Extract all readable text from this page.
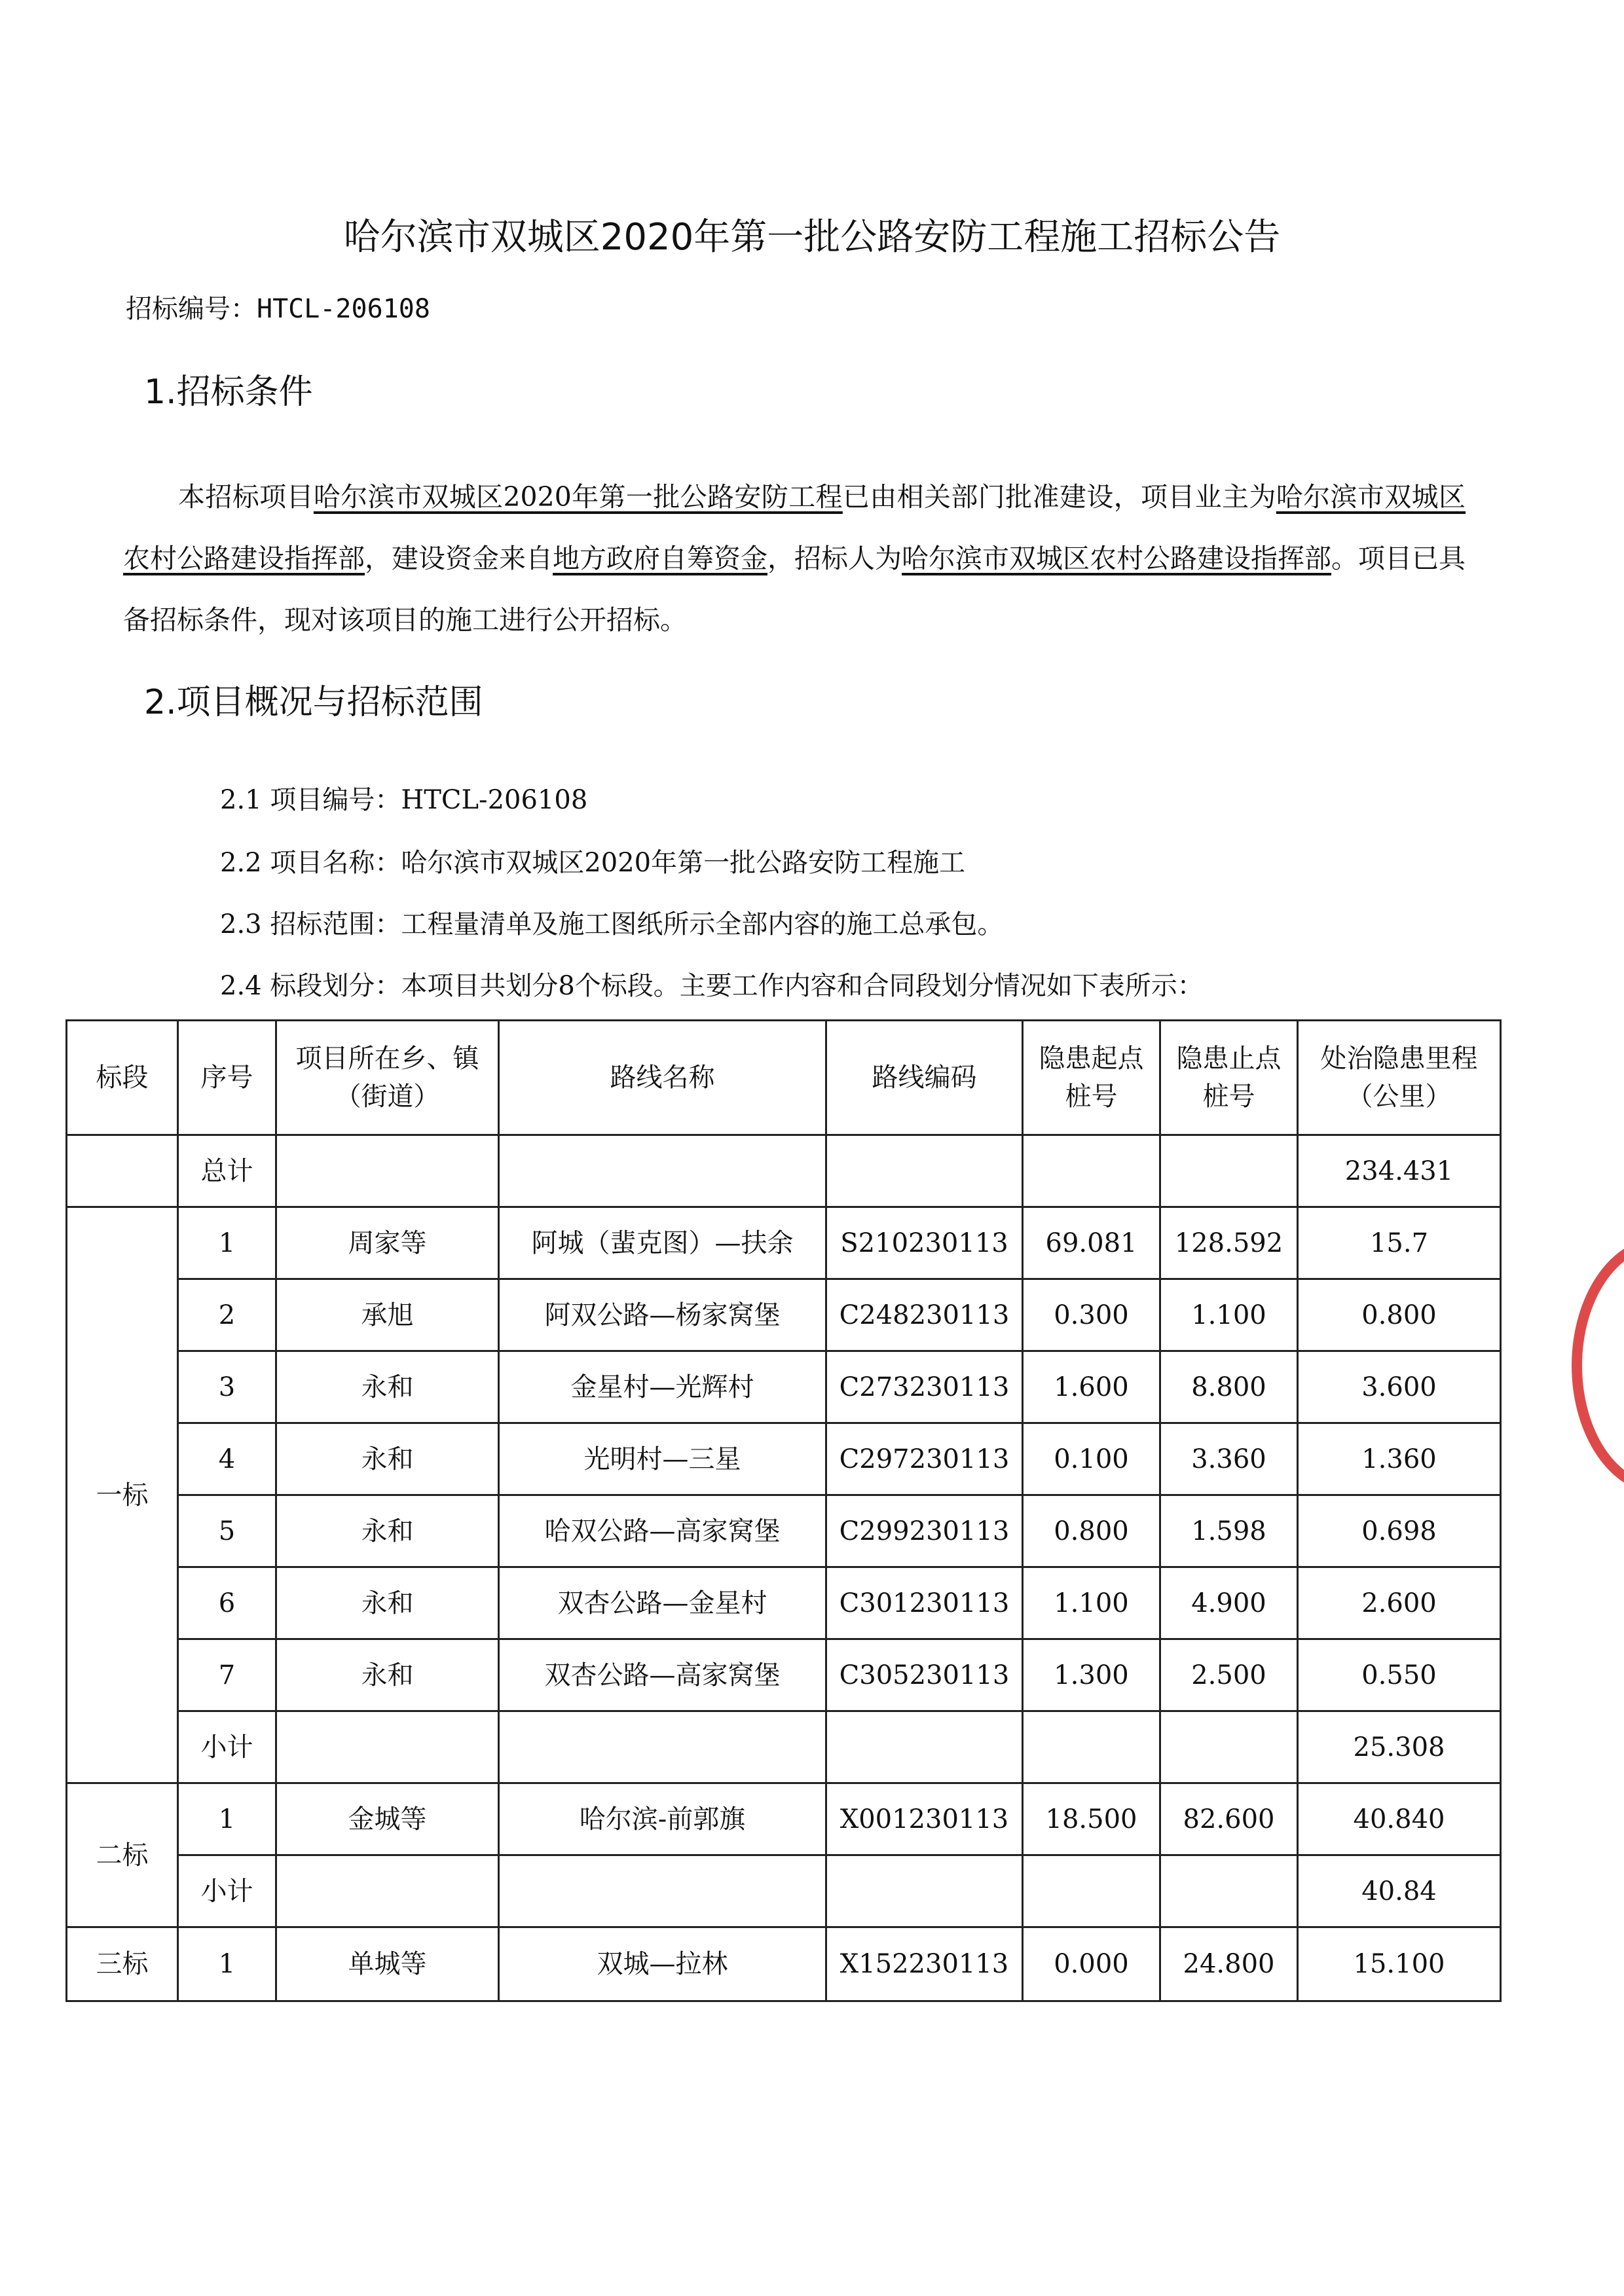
哈尔滨市双城区2020年第一批公路安防工程施工招标公告
招标编号：HTCL-206108
1.招标条件
本招标项目哈尔滨市双城区2020年第一批公路安防工程已由相关部门批准建设，项目业主为哈尔滨市双城区农村公路建设指挥部，建设资金来自地方政府自筹资金，招标人为哈尔滨市双城区农村公路建设指挥部。项目已具备招标条件，现对该项目的施工进行公开招标。
2.项目概况与招标范围
2.1 项目编号：HTCL-206108
2.2 项目名称：哈尔滨市双城区2020年第一批公路安防工程施工
2.3 招标范围：工程量清单及施工图纸所示全部内容的施工总承包。
2.4 标段划分：本项目共划分8个标段。主要工作内容和合同段划分情况如下表所示：
标段	序号	项目所在乡、镇（街道）	路线名称	路线编码	隐患起点桩号	隐患止点桩号	处治隐患里程（公里）
	总计						234.431
一标	1	周家等	阿城（蜚克图）—扶余	S210230113	69.081	128.592	15.7
	2	承旭	阿双公路—杨家窝堡	C248230113	0.300	1.100	0.800
	3	永和	金星村—光辉村	C273230113	1.600	8.800	3.600
	4	永和	光明村—三星	C297230113	0.100	3.360	1.360
	5	永和	哈双公路—高家窝堡	C299230113	0.800	1.598	0.698
	6	永和	双杏公路—金星村	C301230113	1.100	4.900	2.600
	7	永和	双杏公路—高家窝堡	C305230113	1.300	2.500	0.550
	小计						25.308
二标	1	金城等	哈尔滨-前郭旗	X001230113	18.500	82.600	40.840
	小计						40.84
三标	1	单城等	双城—拉林	X152230113	0.000	24.800	15.100
